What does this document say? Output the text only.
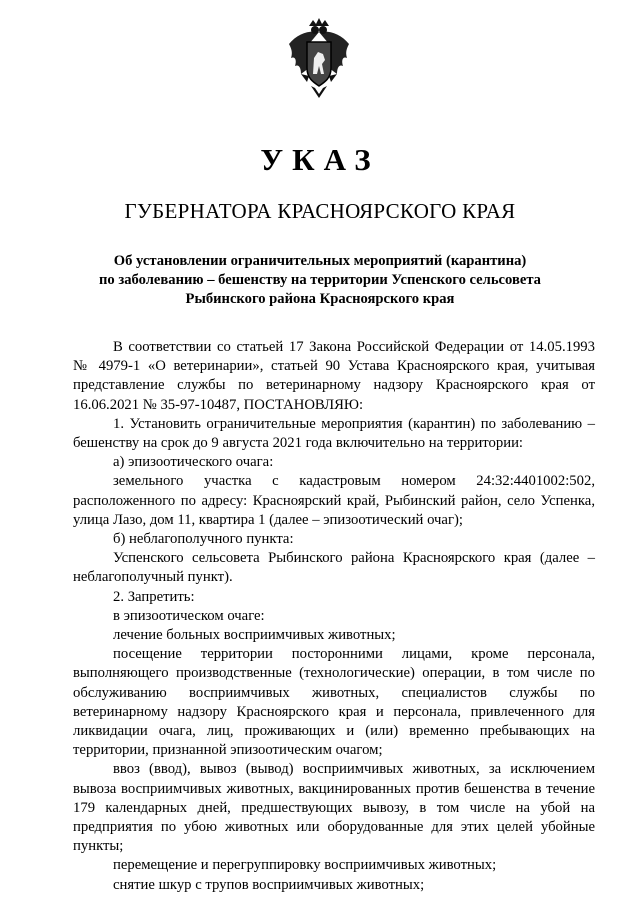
УКАЗ
ГУБЕРНАТОРА КРАСНОЯРСКОГО КРАЯ
Об установлении ограничительных мероприятий (карантина)
по заболеванию – бешенству на территории Успенского сельсовета
Рыбинского района Красноярского края
В соответствии со статьей 17 Закона Российской Федерации от 14.05.1993 № 4979-1 «О ветеринарии», статьей 90 Устава Красноярского края, учитывая представление службы по ветеринарному надзору Красноярского края от 16.06.2021 № 35-97-10487, ПОСТАНОВЛЯЮ:
1. Установить ограничительные мероприятия (карантин) по заболеванию – бешенству на срок до 9 августа 2021 года включительно на территории:
а) эпизоотического очага:
земельного участка с кадастровым номером 24:32:4401002:502, расположенного по адресу: Красноярский край, Рыбинский район, село Успенка, улица Лазо, дом 11, квартира 1 (далее – эпизоотический очаг);
б) неблагополучного пункта:
Успенского сельсовета Рыбинского района Красноярского края (далее – неблагополучный пункт).
2. Запретить:
в эпизоотическом очаге:
лечение больных восприимчивых животных;
посещение территории посторонними лицами, кроме персонала, выполняющего производственные (технологические) операции, в том числе по обслуживанию восприимчивых животных, специалистов службы по ветеринарному надзору Красноярского края и персонала, привлеченного для ликвидации очага, лиц, проживающих и (или) временно пребывающих на территории, признанной эпизоотическим очагом;
ввоз (ввод), вывоз (вывод) восприимчивых животных, за исключением вывоза восприимчивых животных, вакцинированных против бешенства в течение 179 календарных дней, предшествующих вывозу, в том числе на убой на предприятия по убою животных или оборудованные для этих целей убойные пункты;
перемещение и перегруппировку восприимчивых животных;
снятие шкур с трупов восприимчивых животных;
